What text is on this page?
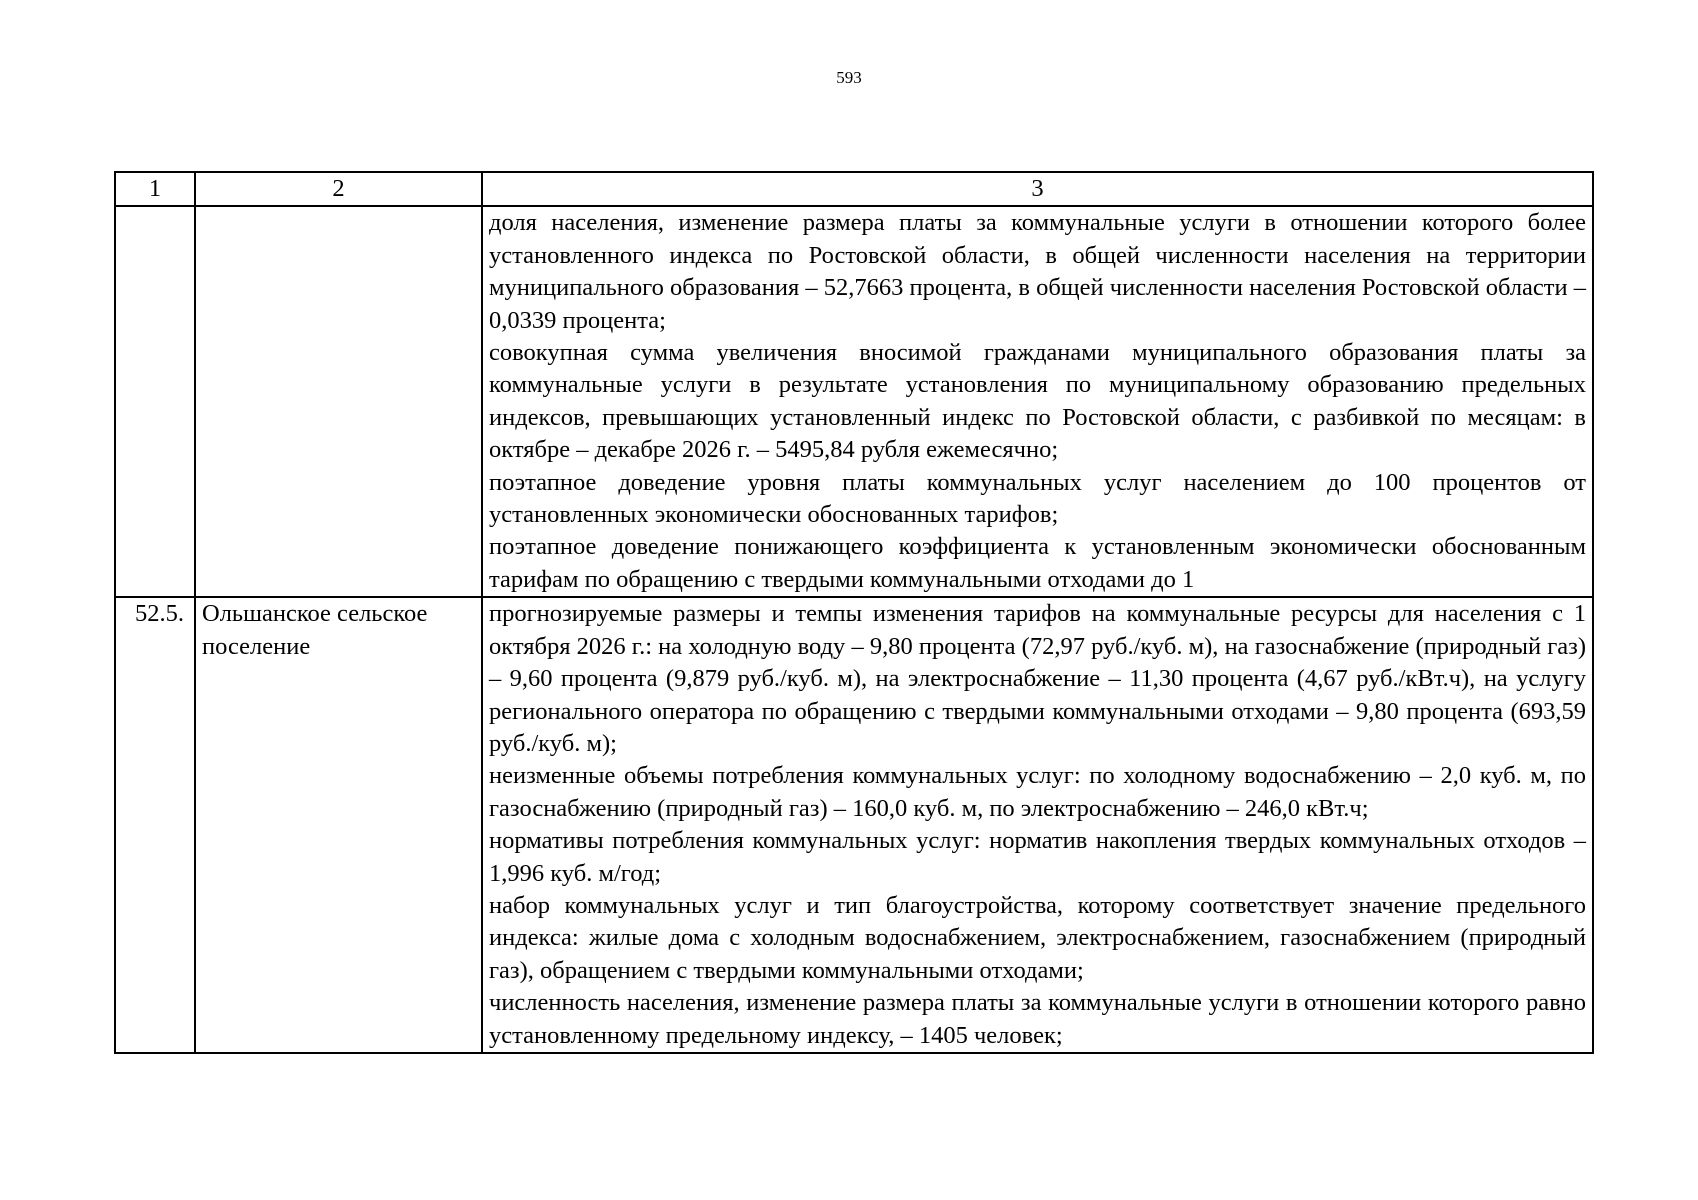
593
1	2	3

		доля населения, изменение размера платы за коммунальные услуги в отношении которого более установленного индекса по Ростовской области, в общей численности населения на территории муниципального образования – 52,7663 процента, в общей численности населения Ростовской области – 0,0339 процента;
совокупная сумма увеличения вносимой гражданами муниципального образования платы за коммунальные услуги в результате установления по муниципальному образованию предельных индексов, превышающих установленный индекс по Ростовской области, с разбивкой по месяцам: в октябре – декабре 2026 г. – 5495,84 рубля ежемесячно;
поэтапное доведение уровня платы коммунальных услуг населением до 100 процентов от установленных экономически обоснованных тарифов;
поэтапное доведение понижающего коэффициента к установленным экономически обоснованным тарифам по обращению с твердыми коммунальными отходами до 1

52.5.	Ольшанское сельское поселение	прогнозируемые размеры и темпы изменения тарифов на коммунальные ресурсы для населения с 1 октября 2026 г.: на холодную воду – 9,80 процента (72,97 руб./куб. м), на газоснабжение (природный газ) – 9,60 процента (9,879 руб./куб. м), на электроснабжение – 11,30 процента (4,67 руб./кВт.ч), на услугу регионального оператора по обращению с твердыми коммунальными отходами – 9,80 процента (693,59 руб./куб. м);
неизменные объемы потребления коммунальных услуг: по холодному водоснабжению – 2,0 куб. м, по газоснабжению (природный газ) – 160,0 куб. м, по электроснабжению – 246,0 кВт.ч;
нормативы потребления коммунальных услуг: норматив накопления твердых коммунальных отходов – 1,996 куб. м/год;
набор коммунальных услуг и тип благоустройства, которому соответствует значение предельного индекса: жилые дома с холодным водоснабжением, электроснабжением, газоснабжением (природный газ), обращением с твердыми коммунальными отходами;
численность населения, изменение размера платы за коммунальные услуги в отношении которого равно установленному предельному индексу, – 1405 человек;
